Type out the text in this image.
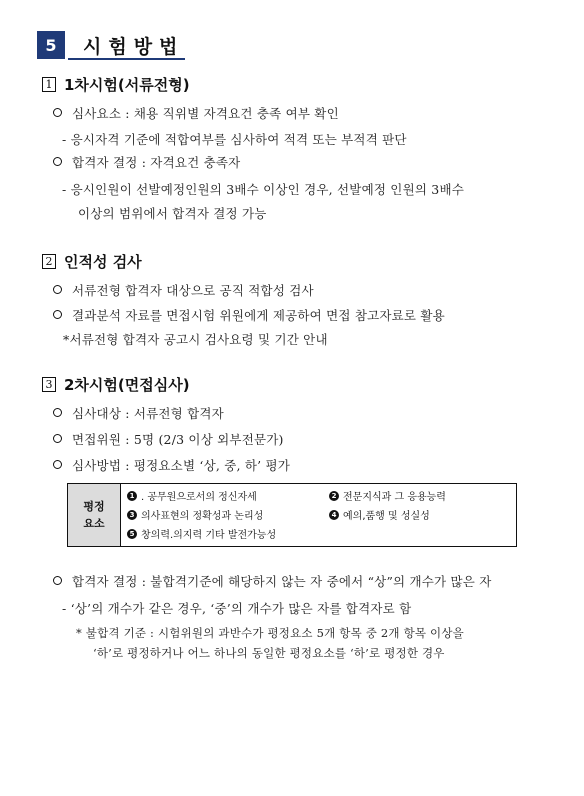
5	시험방법
1 1차시험(서류전형)
심사요소 : 채용 직위별 자격요건 충족 여부 확인
- 응시자격 기준에 적합여부를 심사하여 적격 또는 부적격 판단
합격자 결정 : 자격요건 충족자
- 응시인원이 선발예정인원의 3배수 이상인 경우, 선발예정 인원의 3배수
이상의 범위에서 합격자 결정 가능
2 인적성 검사
서류전형 합격자 대상으로 공직 적합성 검사
결과분석 자료를 면접시험 위원에게 제공하여 면접 참고자료로 활용
*서류전형 합격자 공고시 검사요령 및 기간 안내
3 2차시험(면접심사)
심사대상 : 서류전형 합격자
면접위원 : 5명 (2/3 이상 외부전문가)
심사방법 : 평정요소별 ‘상, 중, 하’ 평가
평정
요소
1 . 공무원으로서의 정신자세	2 전문지식과 그 응용능력
3 의사표현의 정확성과 논리성	4 예의,품행 및 성실성
5 창의력.의지력 기타 발전가능성
합격자 결정 : 불합격기준에 해당하지 않는 자 중에서 “상”의 개수가 많은 자
- ‘상’의 개수가 같은 경우, ‘중’의 개수가 많은 자를 합격자로 함
* 불합격 기준 : 시험위원의 과반수가 평정요소 5개 항목 중 2개 항목 이상을
‘하’로 평정하거나 어느 하나의 동일한 평정요소를 ‘하’로 평정한 경우
